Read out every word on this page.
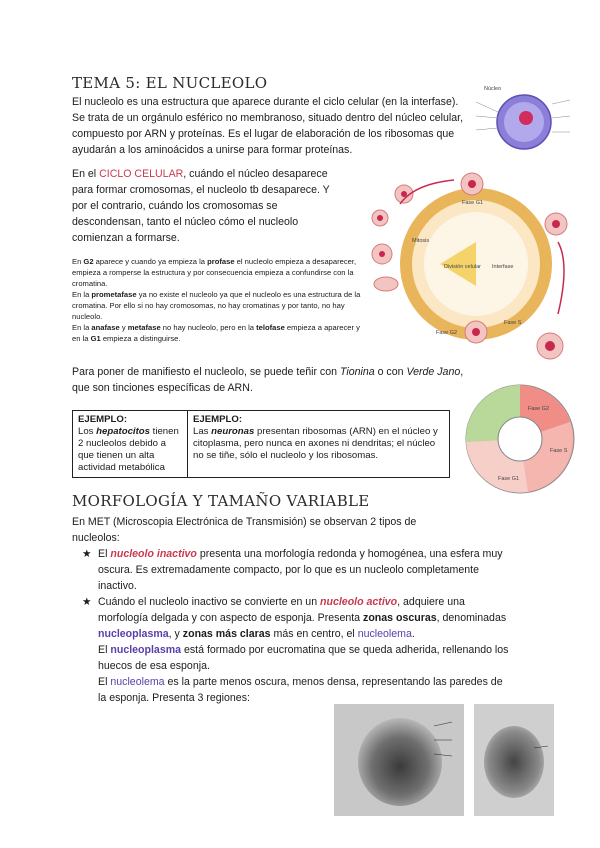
TEMA 5: EL NUCLEOLO
El nucleolo es una estructura que aparece durante el ciclo celular (en la interfase). Se trata de un orgánulo esférico no membranoso, situado dentro del núcleo celular, compuesto por ARN y proteínas. Es el lugar de elaboración de los ribosomas que ayudarán a los aminoácidos a unirse para formar proteínas.
Núcleo
En el CICLO CELULAR, cuándo el núcleo desaparece para formar cromosomas, el nucleolo tb desaparece. Y por el contrario, cuándo los cromosomas se descondensan, tanto el núcleo cómo el nucleolo comienzan a formarse.
En G2 aparece y cuando ya empieza la profase el nucleolo empieza a desaparecer, empieza a romperse la estructura y por consecuencia empieza a confundirse con la cromatina.
En la prometafase ya no existe el nucleolo ya que el nucleolo es una estructura de la cromatina. Por ello si no hay cromosomas, no hay cromatinas y por tanto, no hay nucleolo.
En la anafase y metafase no hay nucleolo, pero en la telofase empieza a aparecer y en la G1 empieza a distinguirse.
División celular Interfase
Fase G1
Fase S
Fase G2
Mitosis
Para poner de manifiesto el nucleolo, se puede teñir con Tionina o con Verde Jano, que son tinciones específicas de ARN.
EJEMPLO:
Los hepatocitos tienen 2 nucleolos debido a que tienen un alta actividad metabólica

EJEMPLO:
Las neuronas presentan ribosomas (ARN) en el núcleo y citoplasma, pero nunca en axones ni dendritas; el núcleo no se tiñe, sólo el nucleolo y los ribosomas.
Fase G2
Fase S
Fase G1
MORFOLOGÍA Y TAMAÑO VARIABLE
En MET (Microscopia Electrónica de Transmisión) se observan 2 tipos de nucleolos:
★ El nucleolo inactivo presenta una morfología redonda y homogénea, una esfera muy oscura. Es extremadamente compacto, por lo que es un nucleolo completamente inactivo.
★ Cuándo el nucleolo inactivo se convierte en un nucleolo activo, adquiere una morfología delgada y con aspecto de esponja. Presenta zonas oscuras, denominadas nucleoplasma, y zonas más claras más en centro, el nucleolema.
El nucleoplasma está formado por eucromatina que se queda adherida, rellenando los huecos de esa esponja.
El nucleolema es la parte menos oscura, menos densa, representando las paredes de la esponja. Presenta 3 regiones:
